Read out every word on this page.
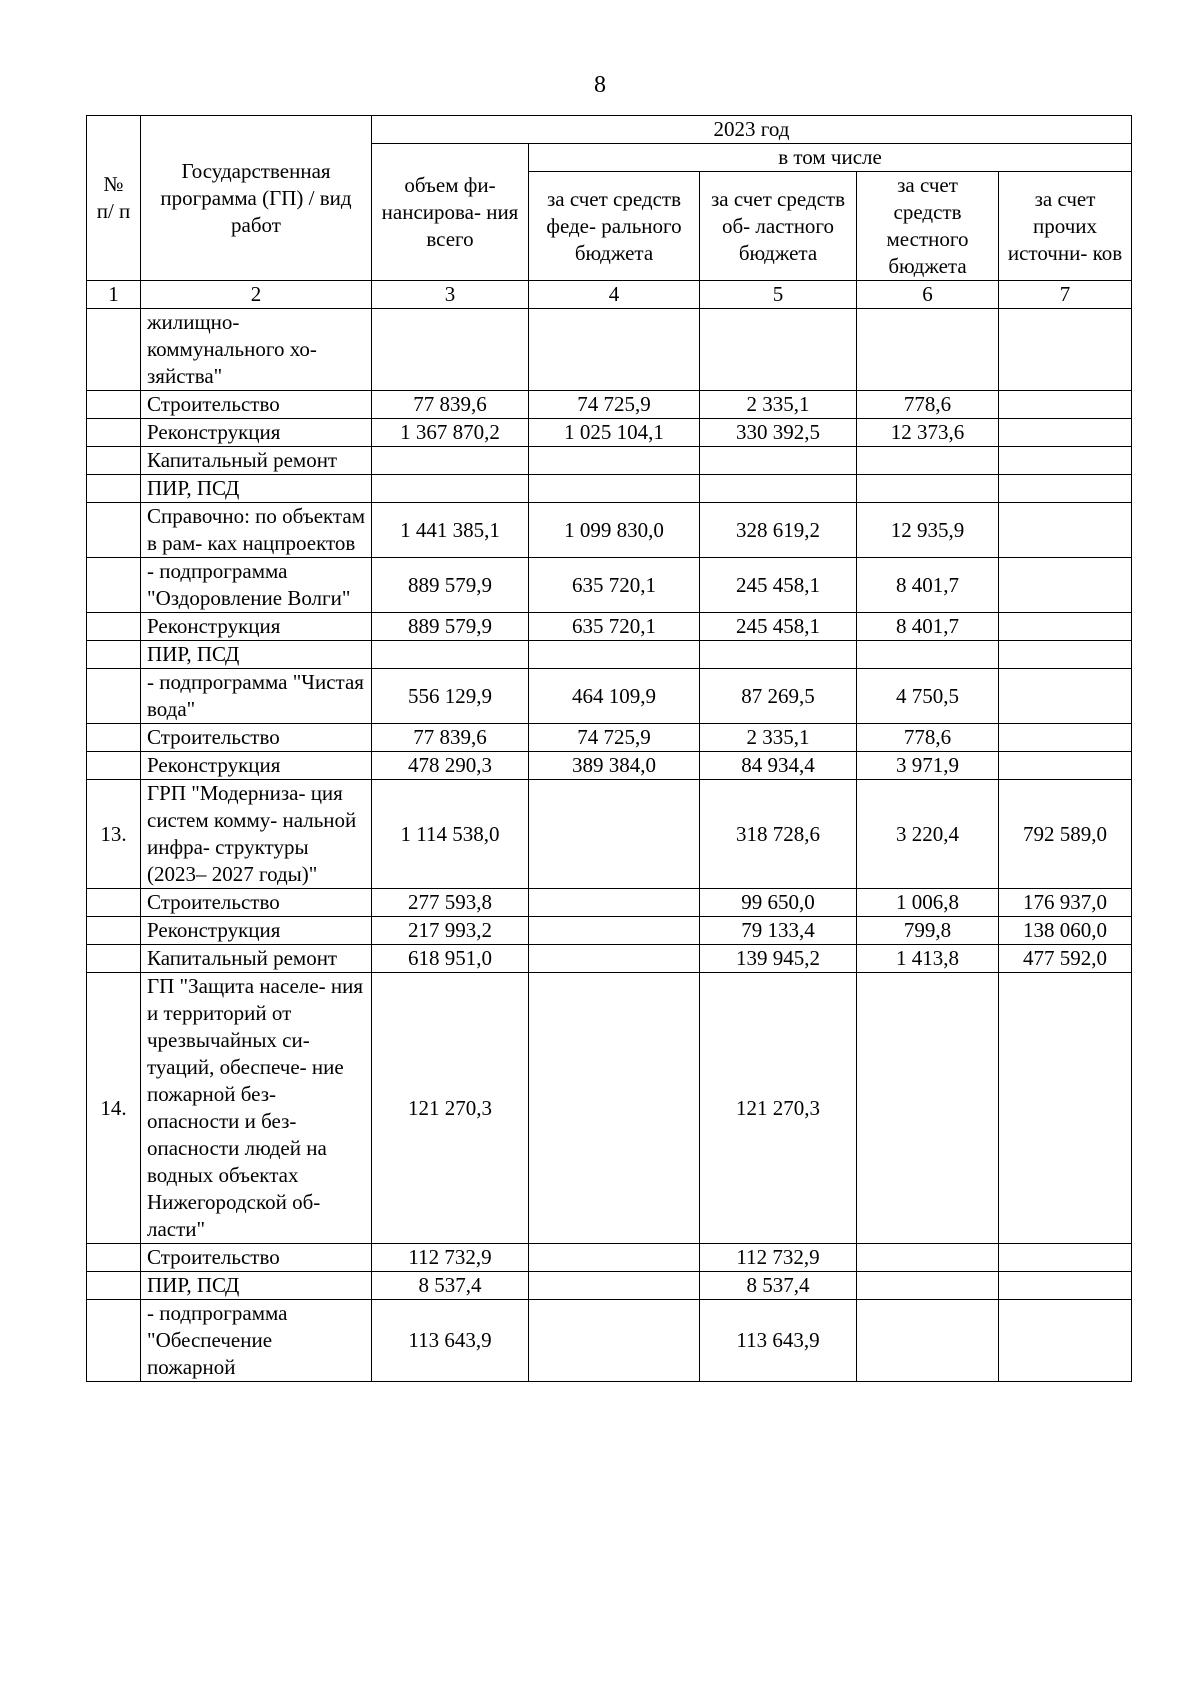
8
№ п/ п	Государственная программа (ГП) / вид работ	2023 год				
		объем фи- нансирова- ния всего	в том числе			
			за счет средств феде- рального бюджета	за счет средств об- ластного бюджета	за счет средств местного бюджета	за счет прочих источни- ков
1	2	3	4	5	6	7
	жилищно- коммунального хо- зяйства"					
	Строительство	77 839,6	74 725,9	2 335,1	778,6	
	Реконструкция	1 367 870,2	1 025 104,1	330 392,5	12 373,6	
	Капитальный ремонт					
	ПИР, ПСД					
	Справочно: по объектам в рам- ках нацпроектов	1 441 385,1	1 099 830,0	328 619,2	12 935,9	
	- подпрограмма "Оздоровление Волги"	889 579,9	635 720,1	245 458,1	8 401,7	
	Реконструкция	889 579,9	635 720,1	245 458,1	8 401,7	
	ПИР, ПСД					
	- подпрограмма "Чистая вода"	556 129,9	464 109,9	87 269,5	4 750,5	
	Строительство	77 839,6	74 725,9	2 335,1	778,6	
	Реконструкция	478 290,3	389 384,0	84 934,4	3 971,9	
13.	ГРП "Модерниза- ция систем комму- нальной инфра- структуры (2023– 2027 годы)"	1 114 538,0		318 728,6	3 220,4	792 589,0
	Строительство	277 593,8		99 650,0	1 006,8	176 937,0
	Реконструкция	217 993,2		79 133,4	799,8	138 060,0
	Капитальный ремонт	618 951,0		139 945,2	1 413,8	477 592,0
14.	ГП "Защита населе- ния и территорий от чрезвычайных си- туаций, обеспече- ние пожарной без- опасности и без- опасности людей на водных объектах Нижегородской об- ласти"	121 270,3		121 270,3		
	Строительство	112 732,9		112 732,9		
	ПИР, ПСД	8 537,4		8 537,4		
	- подпрограмма "Обеспечение пожарной	113 643,9		113 643,9		
